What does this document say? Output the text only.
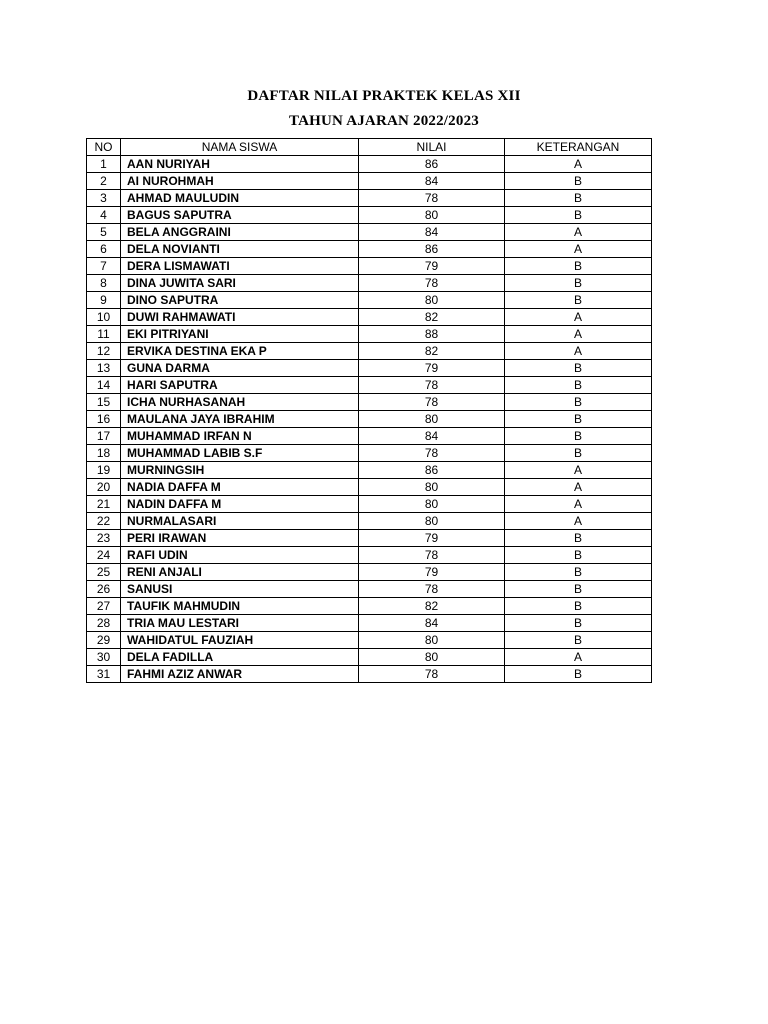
DAFTAR NILAI PRAKTEK KELAS XII
TAHUN AJARAN 2022/2023
NO	NAMA SISWA	NILAI	KETERANGAN
1	AAN NURIYAH	86	A
2	AI NUROHMAH	84	B
3	AHMAD MAULUDIN	78	B
4	BAGUS SAPUTRA	80	B
5	BELA ANGGRAINI	84	A
6	DELA NOVIANTI	86	A
7	DERA LISMAWATI	79	B
8	DINA JUWITA SARI	78	B
9	DINO SAPUTRA	80	B
10	DUWI RAHMAWATI	82	A
11	EKI PITRIYANI	88	A
12	ERVIKA DESTINA EKA P	82	A
13	GUNA DARMA	79	B
14	HARI SAPUTRA	78	B
15	ICHA NURHASANAH	78	B
16	MAULANA JAYA IBRAHIM	80	B
17	MUHAMMAD IRFAN N	84	B
18	MUHAMMAD LABIB S.F	78	B
19	MURNINGSIH	86	A
20	NADIA DAFFA M	80	A
21	NADIN DAFFA M	80	A
22	NURMALASARI	80	A
23	PERI IRAWAN	79	B
24	RAFI UDIN	78	B
25	RENI ANJALI	79	B
26	SANUSI	78	B
27	TAUFIK MAHMUDIN	82	B
28	TRIA MAU LESTARI	84	B
29	WAHIDATUL FAUZIAH	80	B
30	DELA FADILLA	80	A
31	FAHMI AZIZ ANWAR	78	B
